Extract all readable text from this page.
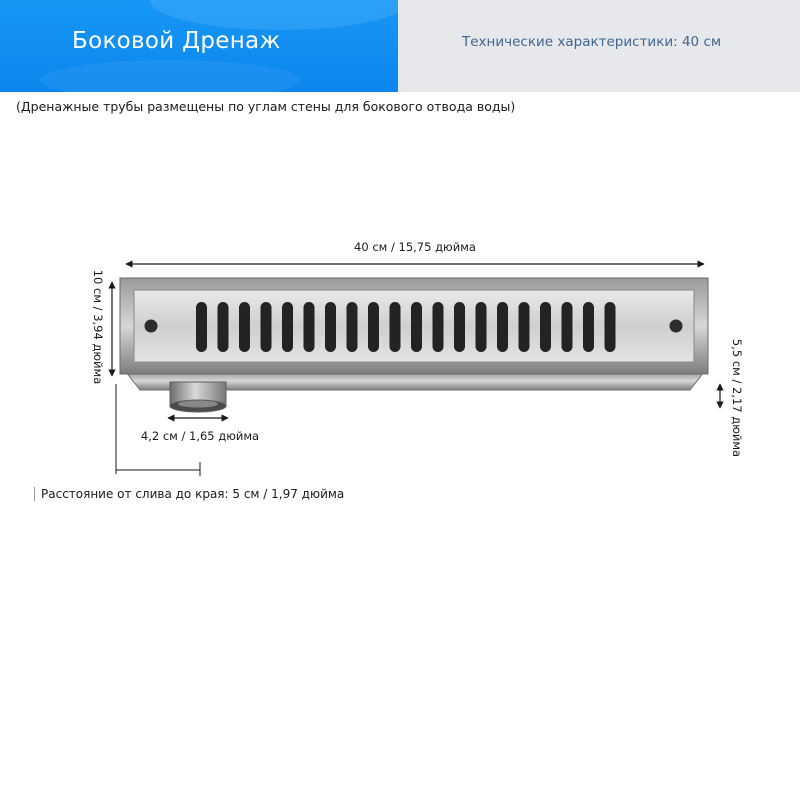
Боковой Дренаж	Технические характеристики: 40 см
(Дренажные трубы размещены по углам стены для бокового отвода воды)
40 см / 15,75 дюйма
10 см / 3,94 дюйма
5,5 см / 2,17 дюйма
4,2 см / 1,65 дюйма
Расстояние от слива до края: 5 см / 1,97 дюйма
